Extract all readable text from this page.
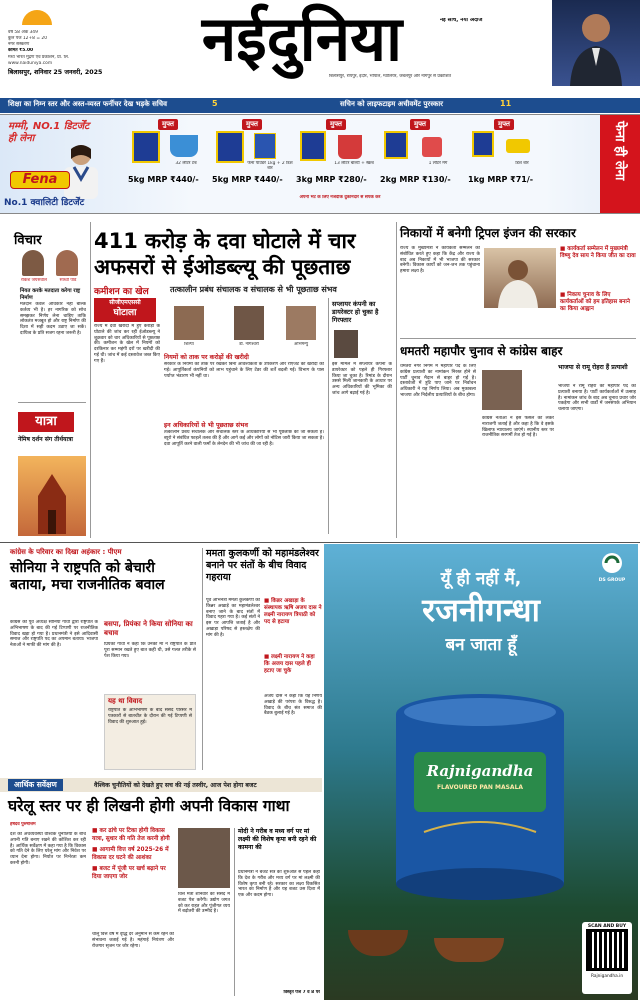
वर्ष 58 अंक 349
कुल पेज 12+8 = 20
नगर संस्करण
कीमत ₹5.00
मध्य भारत मुद्रण एवं प्रकाशन, प्रा. लि.
www.naiduniya.com
बिलासपुर, शनिवार 25 जनवरी, 2025	नईदुनिया	नई सोच, नया अंदाज
बिलासपुर, रायपुर, इंदौर, भोपाल, ग्वालियर, जबलपुर और नागपुर से प्रकाशित
शिक्षा का निम्न स्तर और अस्त-व्यस्त फर्नीचर देख भड़के सचिव	5	सचिन को लाइफटाइम अचीवमेंट पुरस्कार	11
मम्मी, NO.1 डिटर्जेंट ही लेना
Fena
No.1 क्वालिटी डिटर्जेंट
मुफ्त
32 लीटर टब
5kg MRP ₹440/-
मुफ्त
फेना पाउडर 1kg + 2 डिश बार
5kg MRP ₹440/-
मुफ्त
13 लीटर बाल्टी + स्क्रब
3kg MRP ₹280/-
मुफ्त
1 लीटर मग
2kg MRP ₹130/-
मुफ्त
डिश बार
1kg MRP ₹71/-
अपनी भेंट के लिए नजदीक दुकानदार से संपर्क करें
फेना ही लेना
विचार
राकेश जयसवाल	साध्वी पांडे
नियत करके मतदाता करेगा राष्ट्र निर्माण
मतदान केवल अधिकार नहीं बल्कि कर्तव्य भी है। हर नागरिक को सोच समझकर निर्णय लेना चाहिए ताकि लोकतंत्र मजबूत हो और राष्ट्र निर्माण की दिशा में सही कदम उठाए जा सकें। दायित्व के प्रति सजग रहना जरूरी है।
यात्रा
नेमिष दर्शन संग तीर्थयात्रा
411 करोड़ के दवा घोटाले में चार अफसरों से ईओडब्ल्यू की पूछताछ
कमीशन का खेल	तत्कालीन प्रबंध संचालक व संचालक से भी पूछताछ संभव
सीजीएमएससी
घोटाला
शिल्पा	डी. नागेश्वरी	अभिमन्यु
राज्य में दवा खरीदी में हुए करोड़ों के घोटाले की जांच कर रही ईओडब्ल्यू ने शुक्रवार को चार अधिकारियों से पूछताछ की। कमीशन के खेल में नियमों को दरकिनार कर महंगी दरों पर खरीदी की गई थी। जांच में कई दस्तावेज जब्त किए गए हैं।
नियमों को ताक पर करोड़ों की खरीदी
सरकार के नियमों को ताक पर रखकर बिना आवश्यकता के उपकरण और रीएजेंट की खरीदी की गई। आपूर्तिकर्ता कंपनियों को लाभ पहुंचाने के लिए टेंडर की शर्तें बदली गईं। विभाग के पास पर्याप्त भंडारण भी नहीं था।
इन अधिकारियों से भी पूछताछ संभव
तत्कालीन प्रबंध संचालक और संचालक स्तर के अधिकारियों से भी पूछताछ की जा सकती है। ब्यूरो ने संबंधित फाइलें तलब की हैं और आगे कई और लोगों को नोटिस जारी किया जा सकता है। दवा आपूर्ति करने वाली फर्मों के लेनदेन की भी जांच की जा रही है।
सप्लायर कंपनी का डायरेक्टर हो चुका है गिरफ्तार
इस मामले में सप्लायर कंपनी के डायरेक्टर को पहले ही गिरफ्तार किया जा चुका है। रिमांड के दौरान उससे मिली जानकारी के आधार पर अन्य अधिकारियों की भूमिका की जांच आगे बढ़ाई गई है।
निकायों में बनेगी ट्रिपल इंजन की सरकार
राज्य के मुख्यमंत्री ने कार्यकर्ता सम्मेलन को संबोधित करते हुए कहा कि केंद्र और राज्य के बाद अब निकायों में भी भाजपा की सरकार बनेगी। विकास कार्यों को जन-जन तक पहुंचाना हमारा लक्ष्य है।
■ कार्यकर्ता सम्मेलन में मुख्यमंत्री विष्णु देव साय ने किया जीत का दावा
■ निकाय चुनाव के लिए कार्यकर्ताओं को हम इतिहास बनाने का किया आह्वान
धमतरी महापौर चुनाव से कांग्रेस बाहर
धमतरी नगर निगम में महापौर पद के लिए कांग्रेस प्रत्याशी का नामांकन निरस्त होने से पार्टी चुनाव मैदान से बाहर हो गई है। दस्तावेजों में त्रुटि पाए जाने पर निर्वाचन अधिकारी ने यह निर्णय लिया। अब मुकाबला भाजपा और निर्दलीय प्रत्याशियों के बीच होगा।
कांग्रेस नेताओं ने इस फैसले को लेकर नाराजगी जताई है और कहा है कि वे इसके खिलाफ न्यायालय जाएंगे। स्थानीय स्तर पर राजनीतिक सरगर्मी तेज हो गई है।
भाजपा से रामू रोहरा हैं प्रत्याशी
भाजपा ने रामू रोहरा को महापौर पद का प्रत्याशी बनाया है। पार्टी कार्यकर्ताओं में उत्साह है। नामांकन जांच के बाद अब चुनाव प्रचार जोर पकड़ेगा और सभी वार्डों में जनसंपर्क अभियान चलाया जाएगा।
कांग्रेस के परिवार का दिखा अहंकार : पीएम
सोनिया ने राष्ट्रपति को बेचारी बताया, मचा राजनीतिक बवाल
कांग्रेस की पूर्व अध्यक्ष सोनिया गांधी द्वारा राष्ट्रपति के अभिभाषण के बाद की गई टिप्पणी पर राजनीतिक विवाद खड़ा हो गया है। प्रधानमंत्री ने इसे आदिवासी समाज और राष्ट्रपति पद का अपमान बताया। भाजपा नेताओं ने माफी की मांग की है।
बसपा, प्रियंका ने किया सोनिया का बचाव
प्रियंका गांधी ने कहा कि उनकी मां ने राष्ट्रपति के प्रति पूरा सम्मान रखते हुए बात कही थी, उसे गलत तरीके से पेश किया गया।
यह था विवाद
राष्ट्रपति के अभिभाषण के बाद संसद परिसर में पत्रकारों से बातचीत के दौरान की गई टिप्पणी से विवाद की शुरुआत हुई।
ममता कुलकर्णी को महामंडलेश्वर बनाने पर संतों के बीच विवाद गहराया
पूर्व अभिनेत्री ममता कुलकर्णी को किन्नर अखाड़े का महामंडलेश्वर बनाए जाने के बाद संतों में विवाद गहरा गया है। कई संतों ने इस पर आपत्ति जताई है और अखाड़ा परिषद से हस्तक्षेप की मांग की है।
■ किन्नर अखाड़ा के संस्थापक ऋषि अजय दास ने लक्ष्मी नारायण त्रिपाठी को पद से हटाया
■ लक्ष्मी नारायण ने कहा कि अजय दास पहले ही हटाए जा चुके
अजय दास ने कहा कि यह निर्णय अखाड़े की परंपरा के विरुद्ध है। विवाद के बीच संत समाज की बैठक बुलाई गई है।
DS GROUP
यूँ ही नहीं मैं,
रजनीगन्धा
बन जाता हूँ
Rajnigandha
FLAVOURED PAN MASALA
SCAN AND BUY
Rajnigandha.in
आर्थिक सर्वेक्षण	वैश्विक चुनौतियों को देखते हुए सच की नई तस्वीर, आज पेश होगा बजट
घरेलू स्तर पर ही लिखनी होगी अपनी विकास गाथा
हर्षदेव पुरुषोत्तम
देश की अर्थव्यवस्था वैश्विक चुनौतियों के बीच अपनी गति बनाए रखने की कोशिश कर रही है। आर्थिक सर्वेक्षण में कहा गया है कि विकास को गति देने के लिए घरेलू मांग और निवेश पर ध्यान देना होगा। निर्यात पर निर्भरता कम करनी होगी।
■ कर ढांचे पर टिका होगी विकास यात्रा, सुधार की गति तेज करनी होगी
■ आगामी वित्त वर्ष 2025-26 में विकास दर घटने की आशंका
■ बजट में पूंजी पर खर्च बढ़ाने पर दिया जाएगा जोर
चालू वित्त वर्ष में वृद्धि दर अनुमान से कम रहने की संभावना जताई गई है। महंगाई नियंत्रण और रोजगार सृजन पर जोर रहेगा।
वित्त मंत्री शनिवार को संसद में बजट पेश करेंगी। उद्योग जगत को कर राहत और पूंजीगत व्यय में बढ़ोतरी की उम्मीद है।
मोदी ने गरीब व मध्य वर्ग पर मां लक्ष्मी की विशेष कृपा बनी रहने की कामना की
प्रधानमंत्री ने बजट सत्र की शुरुआत से पहले कहा कि देश के गरीब और मध्य वर्ग पर मां लक्ष्मी की विशेष कृपा बनी रहे। सरकार का लक्ष्य विकसित भारत का निर्माण है और यह बजट उस दिशा में एक और कदम होगा।
विस्तृत पेज 7 व 8 पर
